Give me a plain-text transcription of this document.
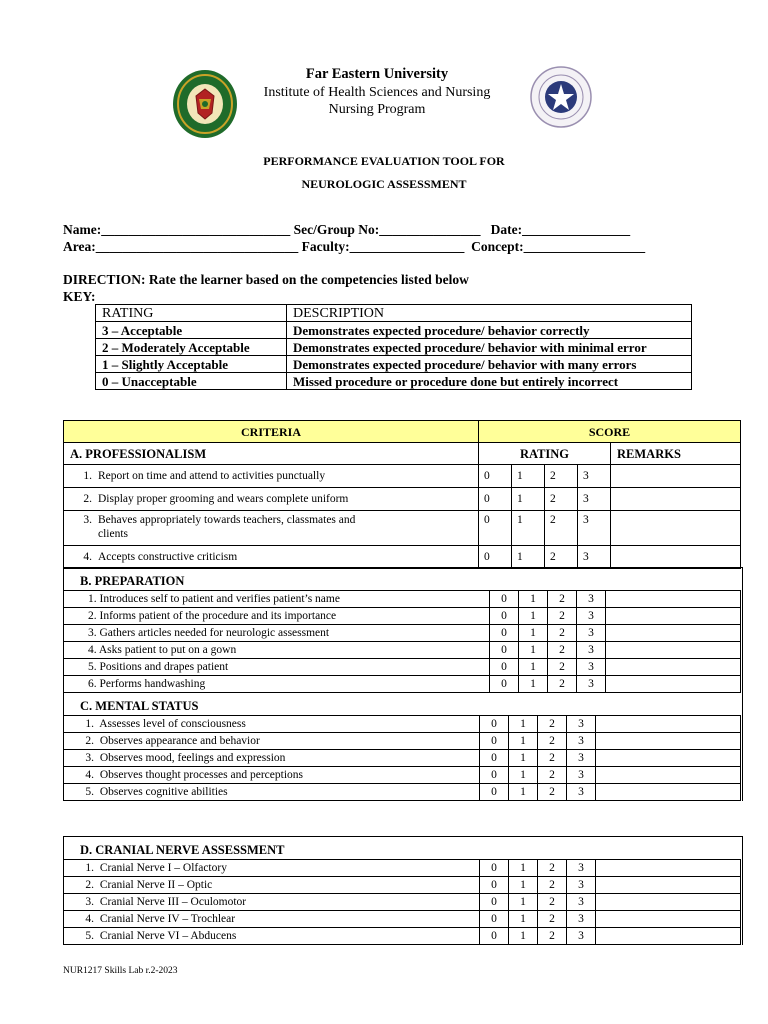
Far Eastern University
Institute of Health Sciences and Nursing
Nursing Program
PERFORMANCE EVALUATION TOOL FOR
NEUROLOGIC ASSESSMENT
Name:____________________________ Sec/Group No:_______________   Date:________________
Area:______________________________ Faculty:_________________  Concept:__________________
DIRECTION: Rate the learner based on the competencies listed below
KEY:
RATING	DESCRIPTION
3 – Acceptable	Demonstrates expected procedure/ behavior correctly
2 – Moderately Acceptable	Demonstrates expected procedure/ behavior with minimal error
1 – Slightly Acceptable	Demonstrates expected procedure/ behavior with many errors
0 – Unacceptable	Missed procedure or procedure done but entirely incorrect
CRITERIA	SCORE				
A. PROFESSIONALISM	RATING				REMARKS
1. Report on time and attend to activities punctually	0	1	2	3	
2. Display proper grooming and wears complete uniform	0	1	2	3	
3. Behaves appropriately towards teachers, classmates and
clients	0	1	2	3	
4. Accepts constructive criticism	0	1	2	3	
B. PREPARATION
1. Introduces self to patient and verifies patient’s name	0	1	2	3	
2. Informs patient of the procedure and its importance	0	1	2	3	
3. Gathers articles needed for neurologic assessment	0	1	2	3	
4. Asks patient to put on a gown	0	1	2	3	
5. Positions and drapes patient	0	1	2	3	
6. Performs handwashing	0	1	2	3	
C. MENTAL STATUS
1. Assesses level of consciousness	0	1	2	3	
2. Observes appearance and behavior	0	1	2	3	
3. Observes mood, feelings and expression	0	1	2	3	
4. Observes thought processes and perceptions	0	1	2	3	
5. Observes cognitive abilities	0	1	2	3	
D. CRANIAL NERVE ASSESSMENT
1. Cranial Nerve I – Olfactory	0	1	2	3	
2. Cranial Nerve II – Optic	0	1	2	3	
3. Cranial Nerve III – Oculomotor	0	1	2	3	
4. Cranial Nerve IV – Trochlear	0	1	2	3	
5. Cranial Nerve VI – Abducens	0	1	2	3	
NUR1217 Skills Lab r.2-2023
